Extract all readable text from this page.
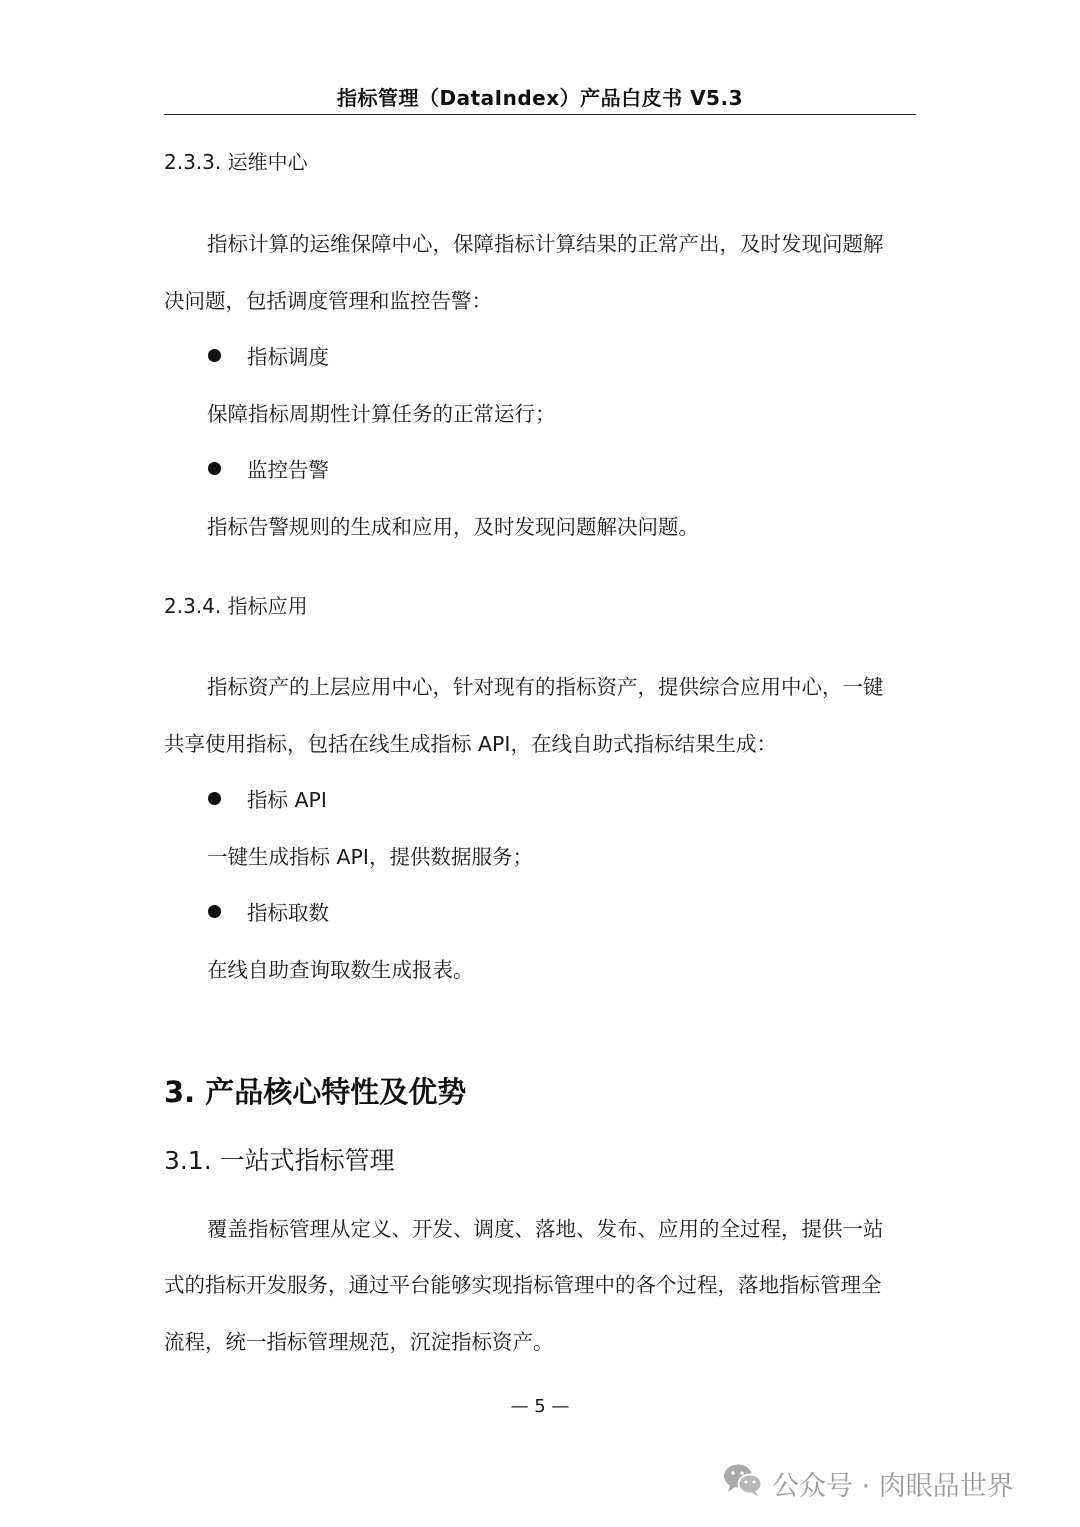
指标管理（DataIndex）产品白皮书 V5.3
2.3.3. 运维中心
指标计算的运维保障中心，保障指标计算结果的正常产出，及时发现问题解
决问题，包括调度管理和监控告警：
指标调度
保障指标周期性计算任务的正常运行；
监控告警
指标告警规则的生成和应用，及时发现问题解决问题。
2.3.4. 指标应用
指标资产的上层应用中心，针对现有的指标资产，提供综合应用中心，一键
共享使用指标，包括在线生成指标 API，在线自助式指标结果生成：
指标 API
一键生成指标 API，提供数据服务；
指标取数
在线自助查询取数生成报表。
3. 产品核心特性及优势
3.1. 一站式指标管理
覆盖指标管理从定义、开发、调度、落地、发布、应用的全过程，提供一站
式的指标开发服务，通过平台能够实现指标管理中的各个过程，落地指标管理全
流程，统一指标管理规范，沉淀指标资产。
— 5 —
公众号 · 肉眼品世界
